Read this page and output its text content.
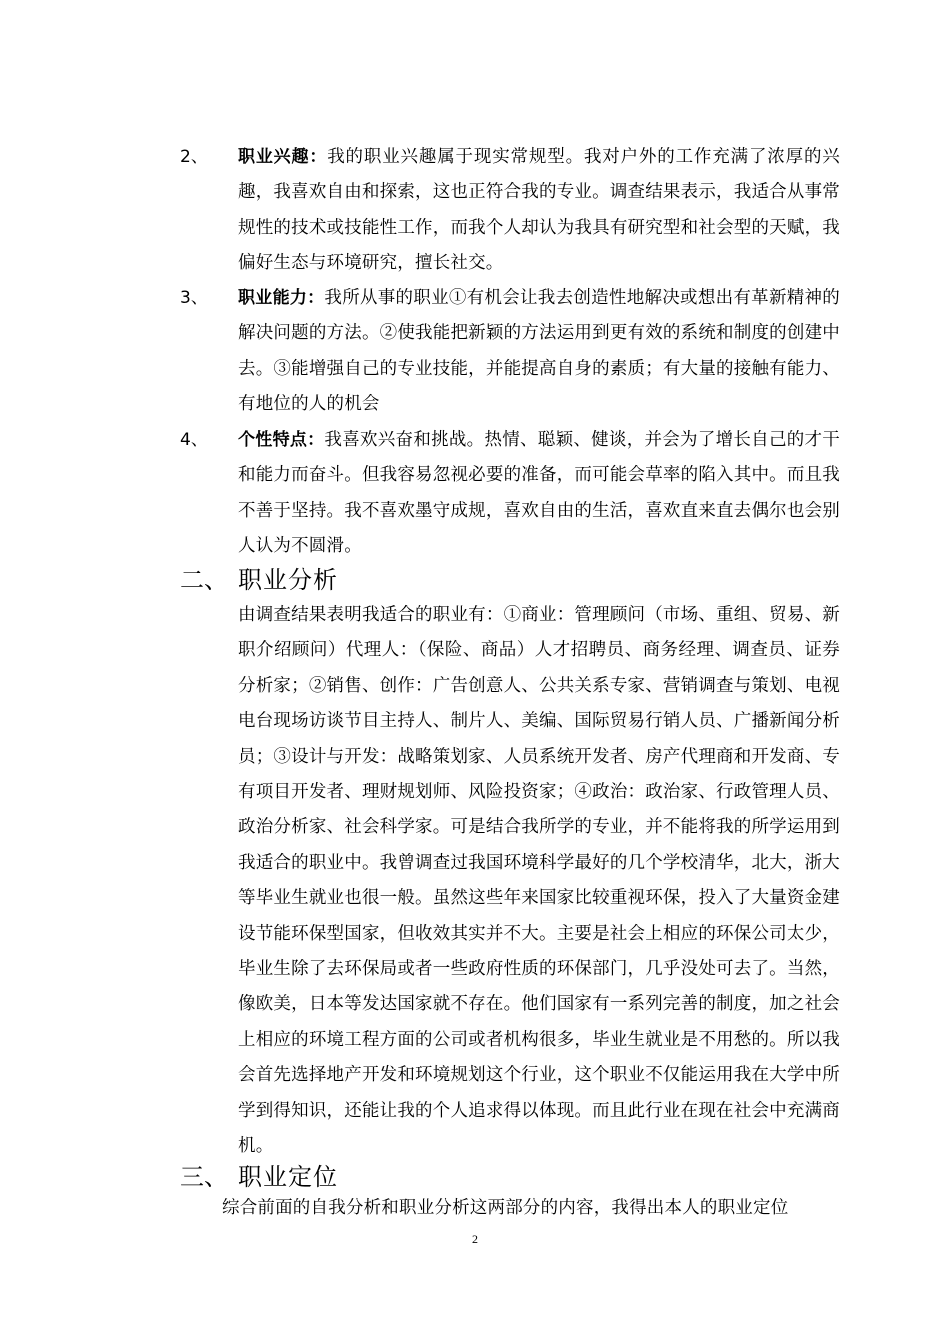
2、	职业兴趣：我的职业兴趣属于现实常规型。我对户外的工作充满了浓厚的兴趣，我喜欢自由和探索，这也正符合我的专业。调查结果表示，我适合从事常规性的技术或技能性工作，而我个人却认为我具有研究型和社会型的天赋，我偏好生态与环境研究，擅长社交。
3、	职业能力：我所从事的职业①有机会让我去创造性地解决或想出有革新精神的解决问题的方法。②使我能把新颖的方法运用到更有效的系统和制度的创建中去。③能增强自己的专业技能，并能提高自身的素质；有大量的接触有能力、有地位的人的机会
4、	个性特点：我喜欢兴奋和挑战。热情、聪颖、健谈，并会为了增长自己的才干和能力而奋斗。但我容易忽视必要的准备，而可能会草率的陷入其中。而且我不善于坚持。我不喜欢墨守成规，喜欢自由的生活，喜欢直来直去偶尔也会别人认为不圆滑。
二、 职业分析
由调查结果表明我适合的职业有：①商业：管理顾问（市场、重组、贸易、新职介绍顾问）代理人：（保险、商品）人才招聘员、商务经理、调查员、证券分析家；②销售、创作：广告创意人、公共关系专家、营销调查与策划、电视电台现场访谈节目主持人、制片人、美编、国际贸易行销人员、广播新闻分析员；③设计与开发：战略策划家、人员系统开发者、房产代理商和开发商、专有项目开发者、理财规划师、风险投资家；④政治：政治家、行政管理人员、政治分析家、社会科学家。可是结合我所学的专业，并不能将我的所学运用到我适合的职业中。我曾调查过我国环境科学最好的几个学校清华，北大，浙大等毕业生就业也很一般。虽然这些年来国家比较重视环保，投入了大量资金建设节能环保型国家，但收效其实并不大。主要是社会上相应的环保公司太少，毕业生除了去环保局或者一些政府性质的环保部门，几乎没处可去了。当然，像欧美，日本等发达国家就不存在。他们国家有一系列完善的制度，加之社会上相应的环境工程方面的公司或者机构很多，毕业生就业是不用愁的。所以我会首先选择地产开发和环境规划这个行业，这个职业不仅能运用我在大学中所学到得知识，还能让我的个人追求得以体现。而且此行业在现在社会中充满商机。
三、 职业定位
综合前面的自我分析和职业分析这两部分的内容，我得出本人的职业定位
2
